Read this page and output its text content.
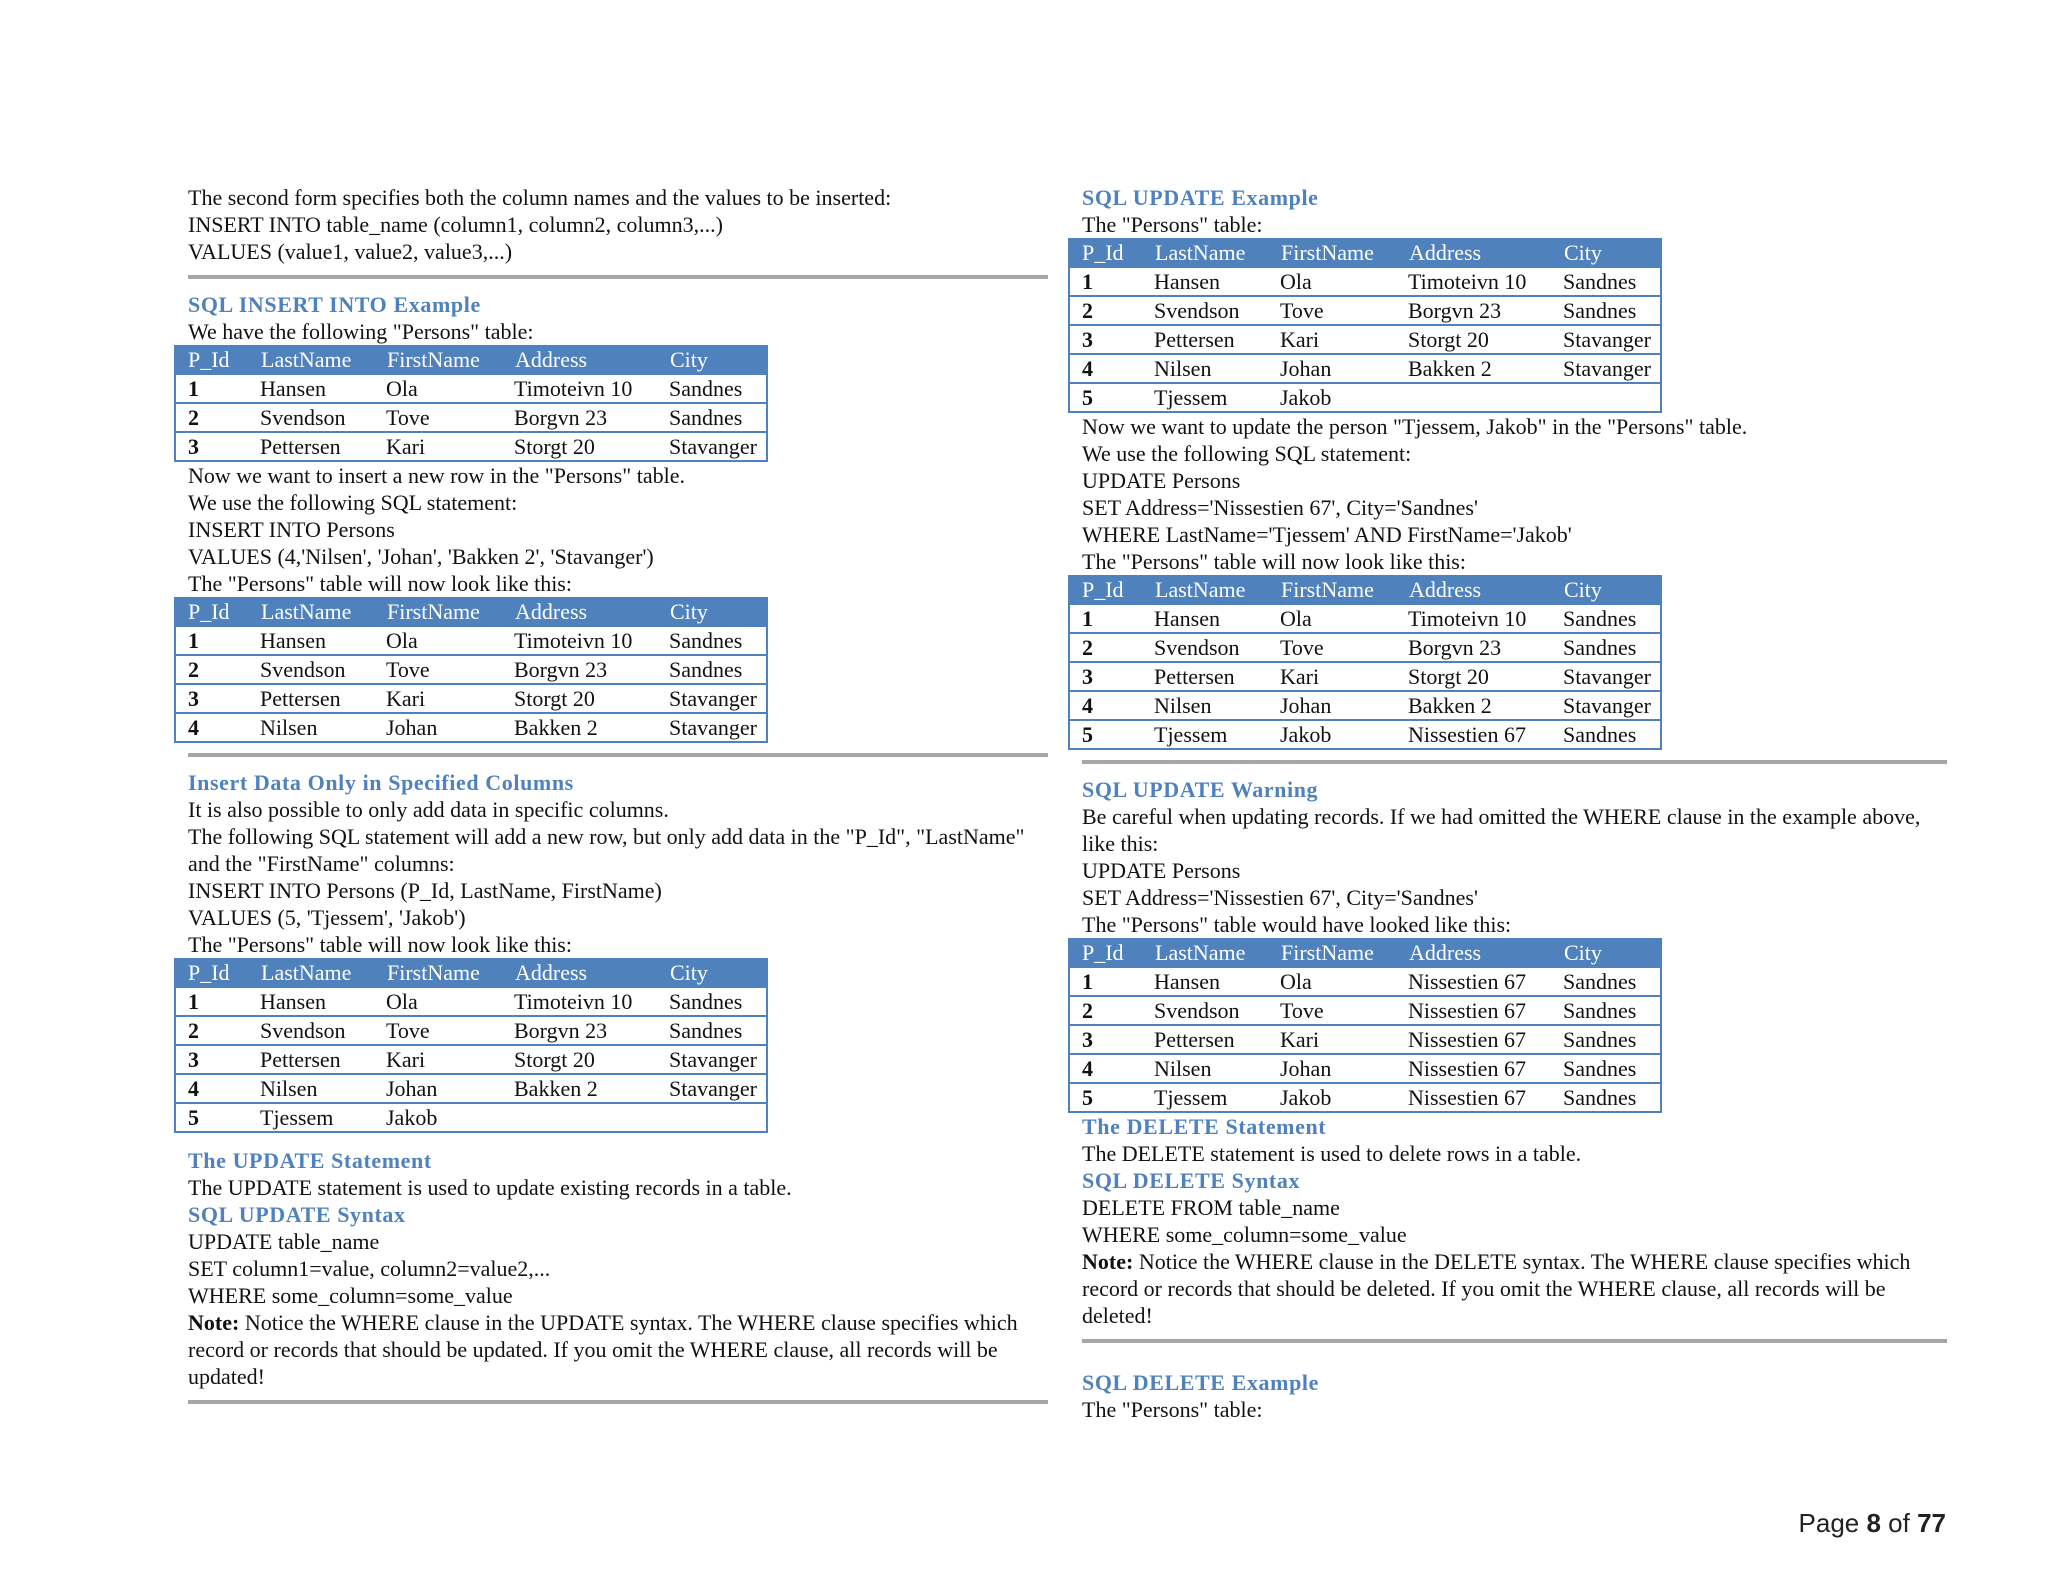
The second form specifies both the column names and the values to be inserted:
INSERT INTO table_name (column1, column2, column3,...)
VALUES (value1, value2, value3,...)
SQL INSERT INTO Example
We have the following "Persons" table:
P_Id	LastName	FirstName	Address	City
1	Hansen	Ola	Timoteivn 10	Sandnes
2	Svendson	Tove	Borgvn 23	Sandnes
3	Pettersen	Kari	Storgt 20	Stavanger
Now we want to insert a new row in the "Persons" table.
We use the following SQL statement:
INSERT INTO Persons
VALUES (4,'Nilsen', 'Johan', 'Bakken 2', 'Stavanger')
The "Persons" table will now look like this:
P_Id	LastName	FirstName	Address	City
1	Hansen	Ola	Timoteivn 10	Sandnes
2	Svendson	Tove	Borgvn 23	Sandnes
3	Pettersen	Kari	Storgt 20	Stavanger
4	Nilsen	Johan	Bakken 2	Stavanger
Insert Data Only in Specified Columns
It is also possible to only add data in specific columns.
The following SQL statement will add a new row, but only add data in the "P_Id", "LastName" and the "FirstName" columns:
INSERT INTO Persons (P_Id, LastName, FirstName)
VALUES (5, 'Tjessem', 'Jakob')
The "Persons" table will now look like this:
P_Id	LastName	FirstName	Address	City
1	Hansen	Ola	Timoteivn 10	Sandnes
2	Svendson	Tove	Borgvn 23	Sandnes
3	Pettersen	Kari	Storgt 20	Stavanger
4	Nilsen	Johan	Bakken 2	Stavanger
5	Tjessem	Jakob		
The UPDATE Statement
The UPDATE statement is used to update existing records in a table.
SQL UPDATE Syntax
UPDATE table_name
SET column1=value, column2=value2,...
WHERE some_column=some_value
Note: Notice the WHERE clause in the UPDATE syntax. The WHERE clause specifies which record or records that should be updated. If you omit the WHERE clause, all records will be updated!
SQL UPDATE Example
The "Persons" table:
P_Id	LastName	FirstName	Address	City
1	Hansen	Ola	Timoteivn 10	Sandnes
2	Svendson	Tove	Borgvn 23	Sandnes
3	Pettersen	Kari	Storgt 20	Stavanger
4	Nilsen	Johan	Bakken 2	Stavanger
5	Tjessem	Jakob		
Now we want to update the person "Tjessem, Jakob" in the "Persons" table.
We use the following SQL statement:
UPDATE Persons
SET Address='Nissestien 67', City='Sandnes'
WHERE LastName='Tjessem' AND FirstName='Jakob'
The "Persons" table will now look like this:
P_Id	LastName	FirstName	Address	City
1	Hansen	Ola	Timoteivn 10	Sandnes
2	Svendson	Tove	Borgvn 23	Sandnes
3	Pettersen	Kari	Storgt 20	Stavanger
4	Nilsen	Johan	Bakken 2	Stavanger
5	Tjessem	Jakob	Nissestien 67	Sandnes
SQL UPDATE Warning
Be careful when updating records. If we had omitted the WHERE clause in the example above, like this:
UPDATE Persons
SET Address='Nissestien 67', City='Sandnes'
The "Persons" table would have looked like this:
P_Id	LastName	FirstName	Address	City
1	Hansen	Ola	Nissestien 67	Sandnes
2	Svendson	Tove	Nissestien 67	Sandnes
3	Pettersen	Kari	Nissestien 67	Sandnes
4	Nilsen	Johan	Nissestien 67	Sandnes
5	Tjessem	Jakob	Nissestien 67	Sandnes
The DELETE Statement
The DELETE statement is used to delete rows in a table.
SQL DELETE Syntax
DELETE FROM table_name
WHERE some_column=some_value
Note: Notice the WHERE clause in the DELETE syntax. The WHERE clause specifies which record or records that should be deleted. If you omit the WHERE clause, all records will be deleted!
SQL DELETE Example
The "Persons" table:
Page 8 of 77
